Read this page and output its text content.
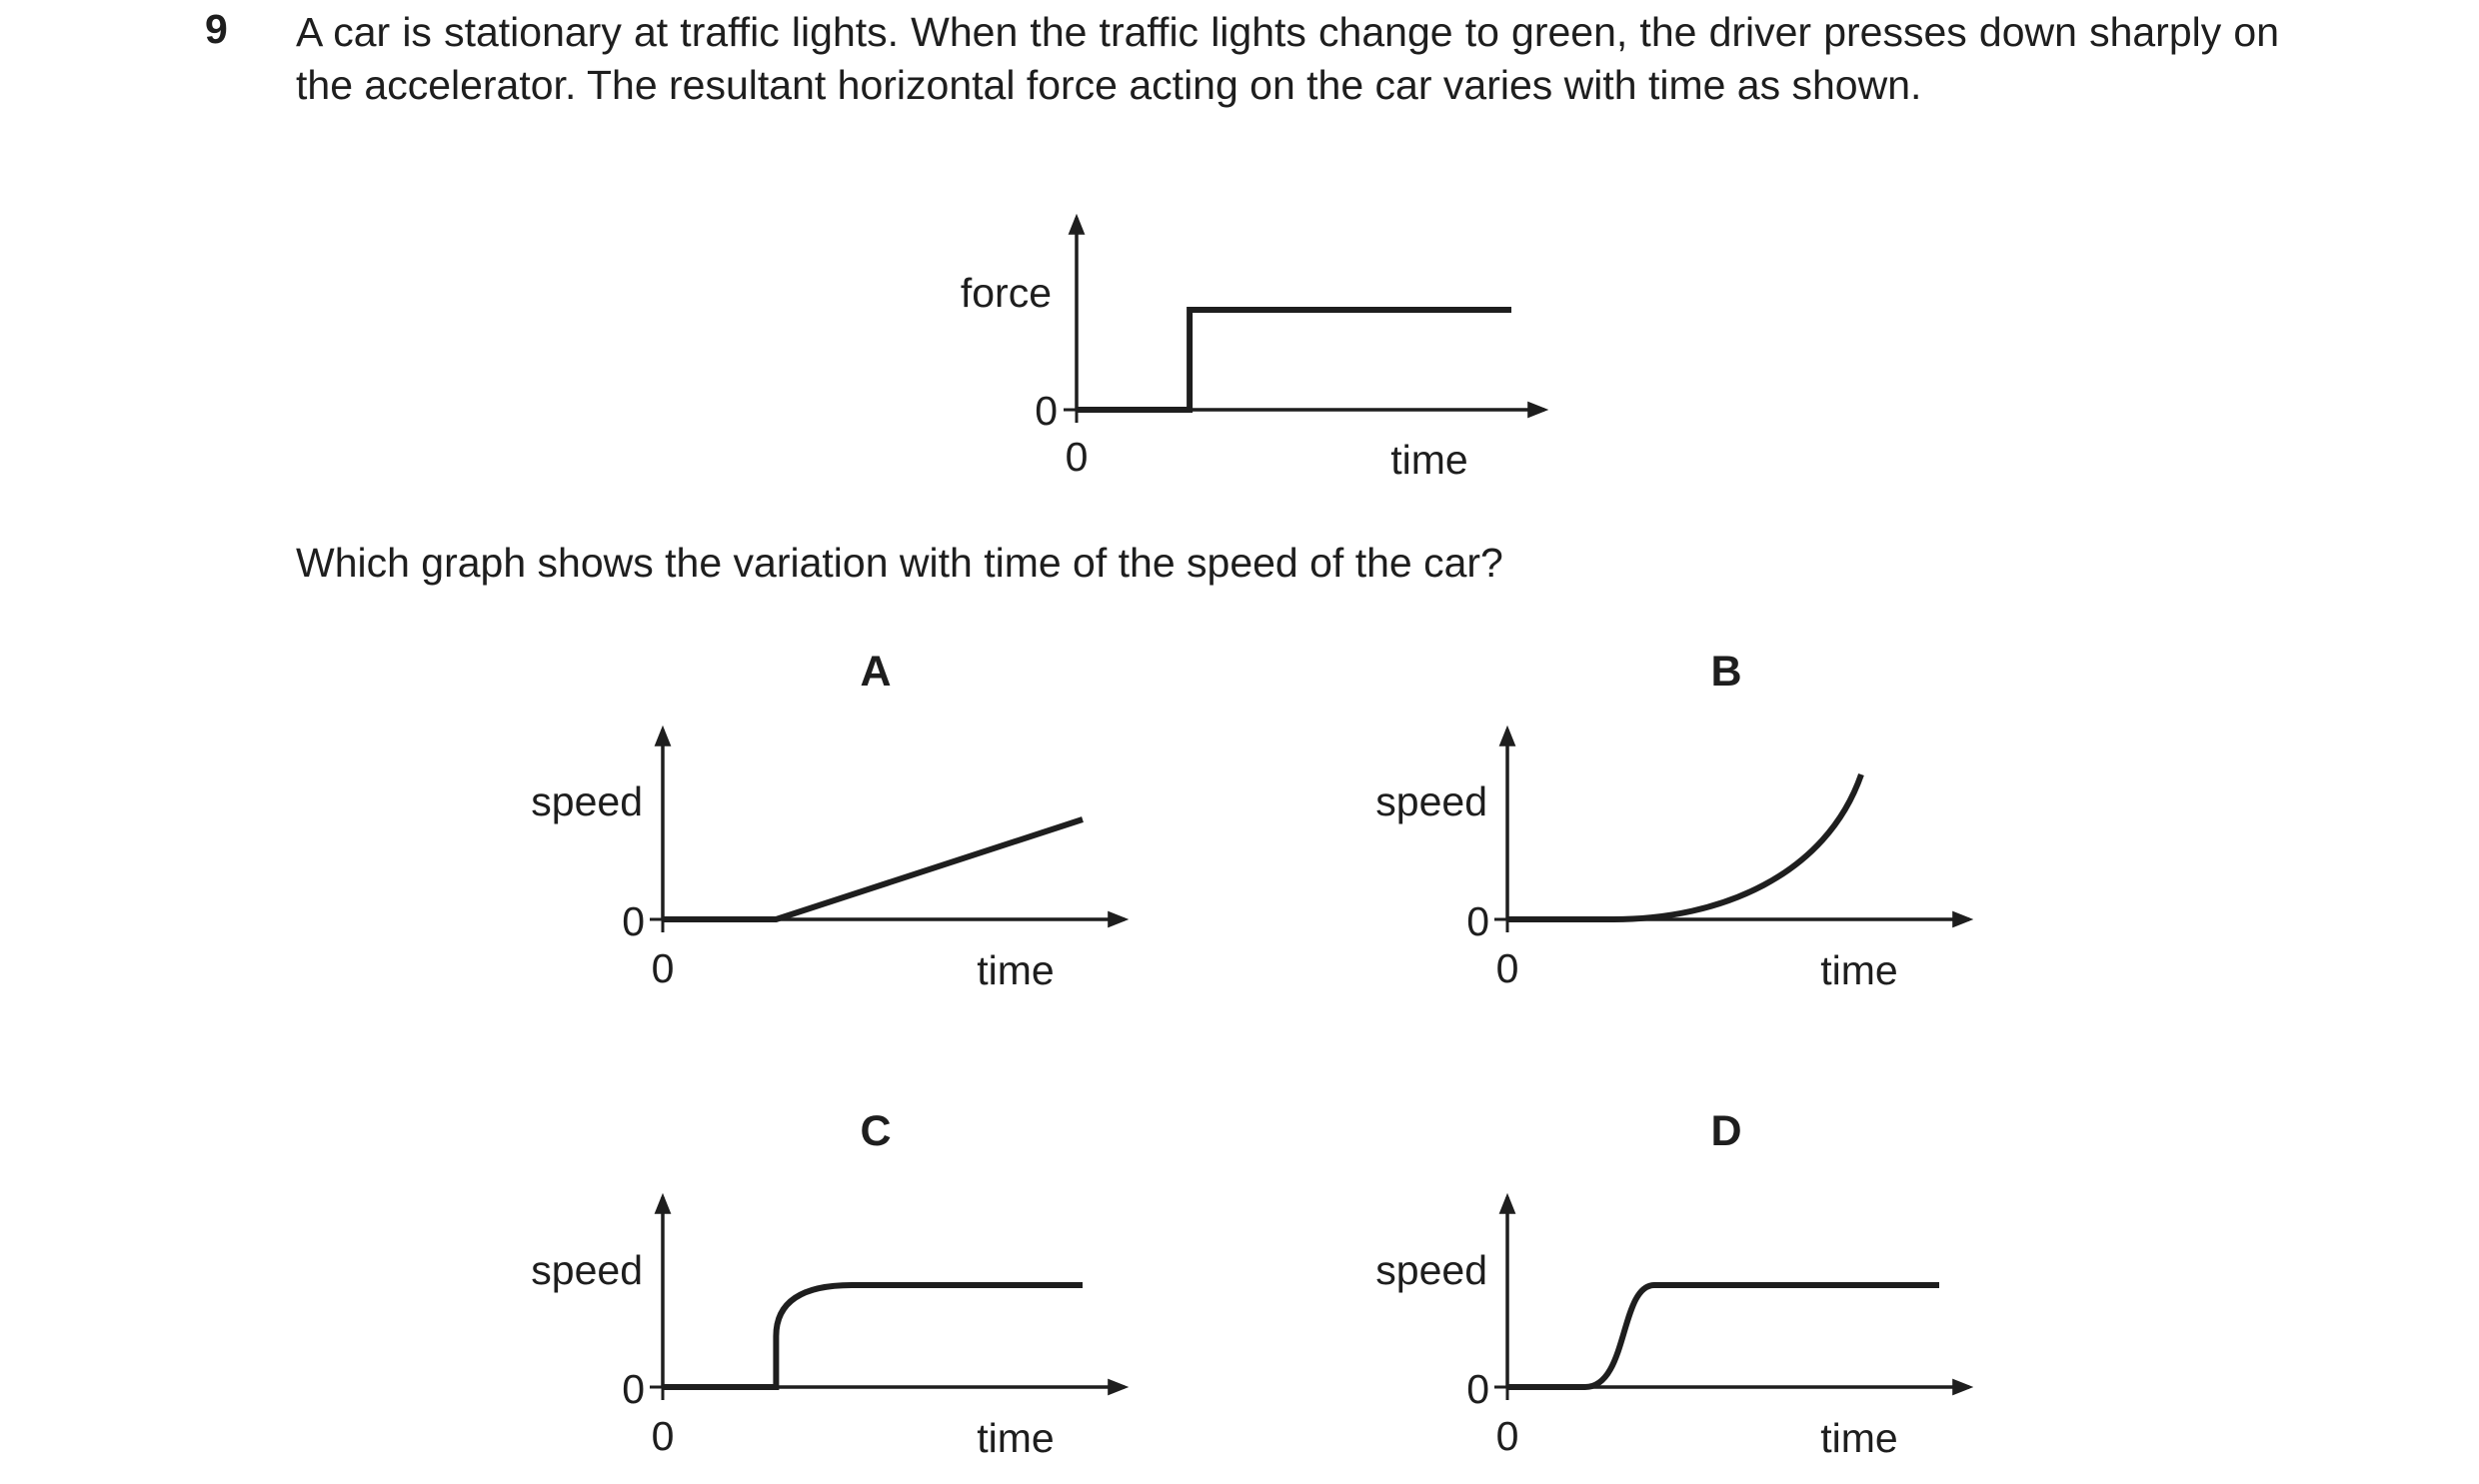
9 A car is stationary at traffic lights. When the traffic lights change to green, the driver presses down sharply on the accelerator. The resultant horizontal force acting on the car varies with time as shown.

Which graph shows the variation with time of the speed of the car?

force
0
0	time
A
speed
0
0	time
B
speed
0
0	time
C
speed
0
0	time
D
speed
0
0	time
